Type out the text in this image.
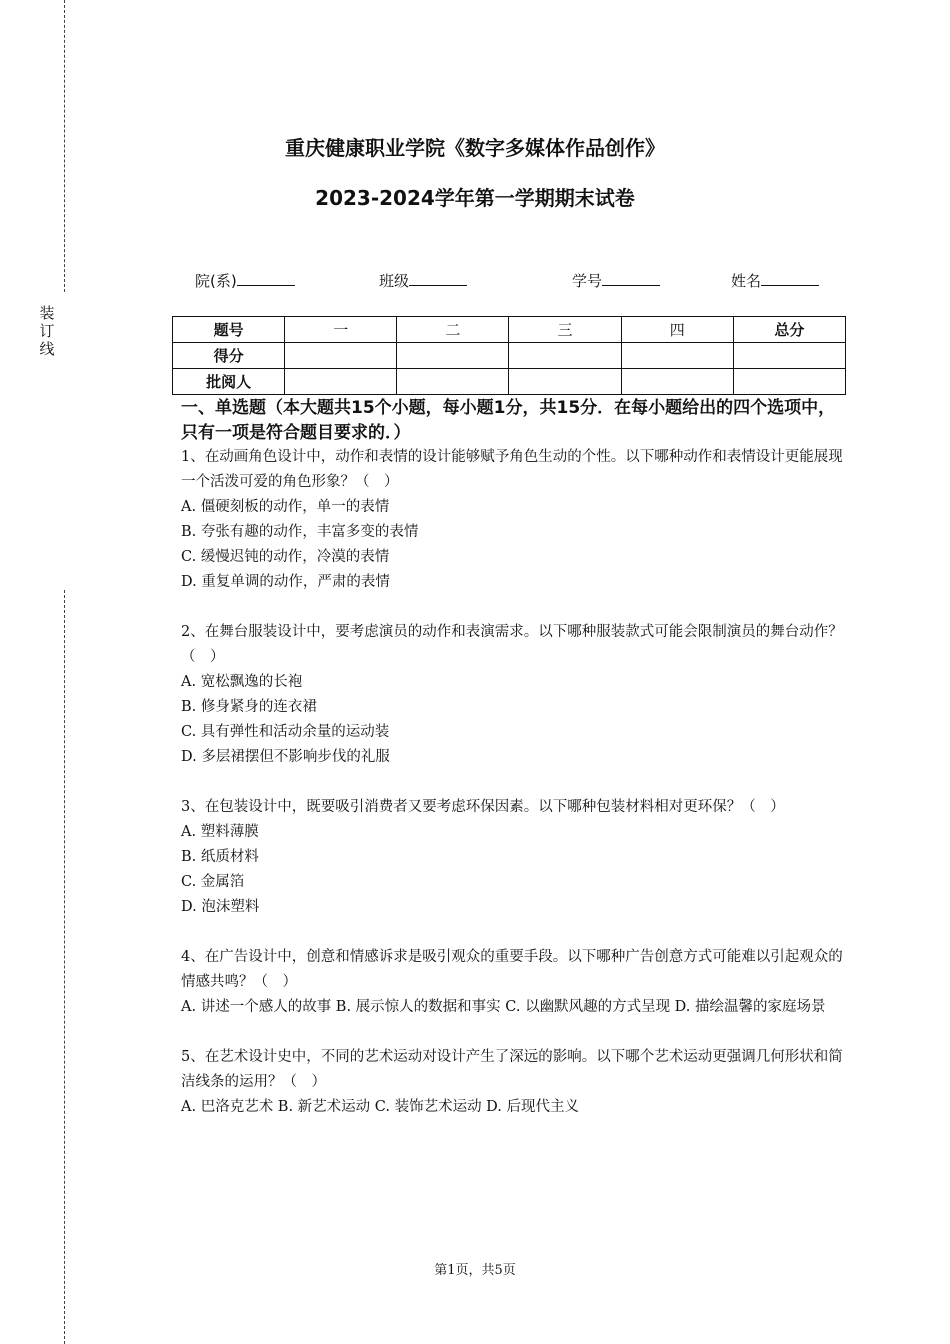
装
订
线
重庆健康职业学院《数字多媒体作品创作》
2023-2024学年第一学期期末试卷
院(系)	班级	学号	姓名
题号	一	二	三	四	总分
得分					
批阅人					
一、单选题（本大题共15个小题，每小题1分，共15分．在每小题给出的四个选项中，只有一项是符合题目要求的．）
1、在动画角色设计中，动作和表情的设计能够赋予角色生动的个性。以下哪种动作和表情设计更能展现一个活泼可爱的角色形象？（　）
A. 僵硬刻板的动作，单一的表情
B. 夸张有趣的动作，丰富多变的表情
C. 缓慢迟钝的动作，冷漠的表情
D. 重复单调的动作，严肃的表情
2、在舞台服装设计中，要考虑演员的动作和表演需求。以下哪种服装款式可能会限制演员的舞台动作？（　）
A. 宽松飘逸的长袍
B. 修身紧身的连衣裙
C. 具有弹性和活动余量的运动装
D. 多层裙摆但不影响步伐的礼服
3、在包装设计中，既要吸引消费者又要考虑环保因素。以下哪种包装材料相对更环保？（　）
A. 塑料薄膜
B. 纸质材料
C. 金属箔
D. 泡沫塑料
4、在广告设计中，创意和情感诉求是吸引观众的重要手段。以下哪种广告创意方式可能难以引起观众的情感共鸣？（　）
A. 讲述一个感人的故事 B. 展示惊人的数据和事实 C. 以幽默风趣的方式呈现 D. 描绘温馨的家庭场景
5、在艺术设计史中，不同的艺术运动对设计产生了深远的影响。以下哪个艺术运动更强调几何形状和简洁线条的运用？（　）
A. 巴洛克艺术 B. 新艺术运动 C. 装饰艺术运动 D. 后现代主义
第1页，共5页
